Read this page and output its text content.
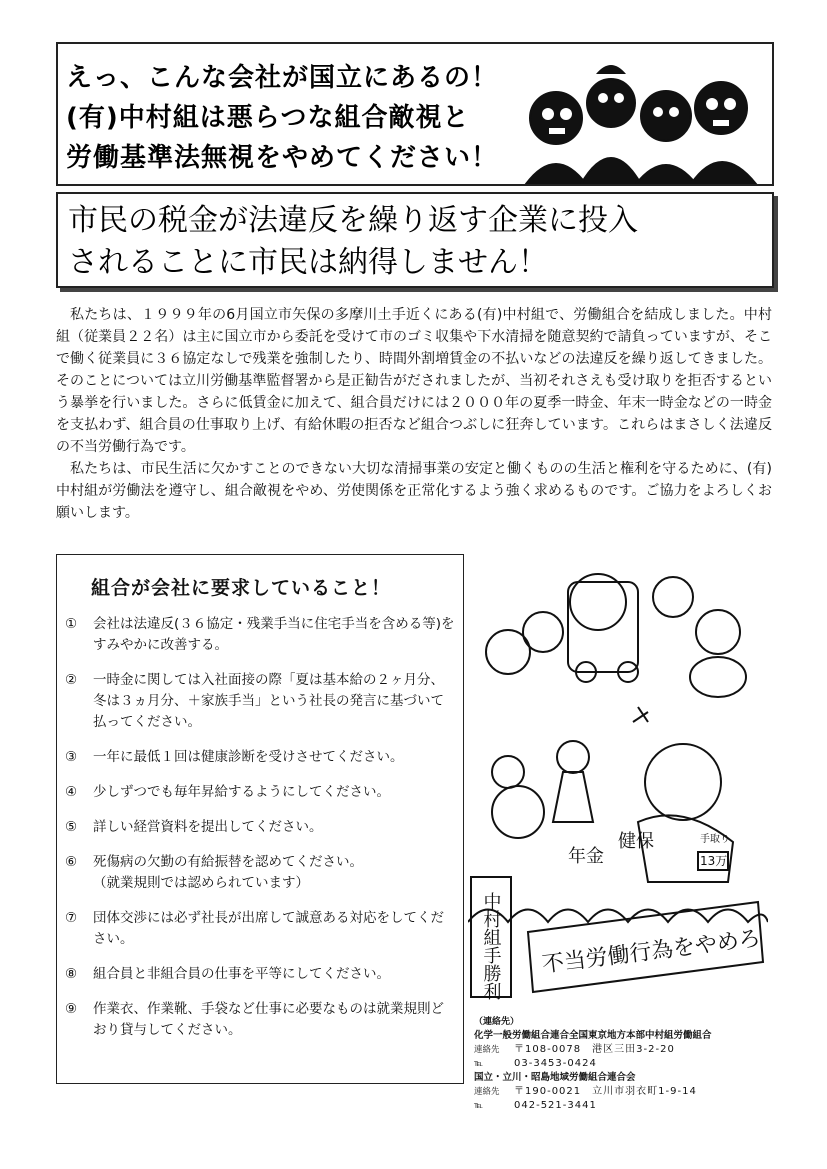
えっ、こんな会社が国立にあるの！
(有)中村組は悪らつな組合敵視と
労働基準法無視をやめてください！
市民の税金が法違反を繰り返す企業に投入
されることに市民は納得しません！

私たちは、１９９９年の6月国立市矢保の多摩川土手近くにある(有)中村組で、労働組合を結成しました。中村組（従業員２２名）は主に国立市から委託を受けて市のゴミ収集や下水清掃を随意契約で請負っていますが、そこで働く従業員に３６協定なしで残業を強制したり、時間外割増賃金の不払いなどの法違反を繰り返してきました。そのことについては立川労働基準監督署から是正勧告がだされましたが、当初それさえも受け取りを拒否するという暴挙を行いました。さらに低賃金に加えて、組合員だけには２０００年の夏季一時金、年末一時金などの一時金を支払わず、組合員の仕事取り上げ、有給休暇の拒否など組合つぶしに狂奔しています。これらはまさしく法違反の不当労働行為です。

私たちは、市民生活に欠かすことのできない大切な清掃事業の安定と働くものの生活と権利を守るために、(有)中村組が労働法を遵守し、組合敵視をやめ、労使関係を正常化するよう強く求めるものです。ご協力をよろしくお願いします。

組合が会社に要求していること！
①	会社は法違反(３６協定・残業手当に住宅手当を含める等)をすみやかに改善する。
②	一時金に関しては入社面接の際「夏は基本給の２ヶ月分、冬は３ヵ月分、＋家族手当」という社長の発言に基づいて払ってください。
③	一年に最低１回は健康診断を受けさせてください。
④	少しずつでも毎年昇給するようにしてください。
⑤	詳しい経営資料を提出してください。
⑥	死傷病の欠勤の有給振替を認めてください。
（就業規則では認められています）
⑦	団体交渉には必ず社長が出席して誠意ある対応をしてください。
⑧	組合員と非組合員の仕事を平等にしてください。
⑨	作業衣、作業靴、手袋など仕事に必要なものは就業規則どおり貸与してください。
年金
健保	手取り
13万
中村組手勝利 不当労働行為をやめろ
（連絡先）
化学一般労働組合連合全国東京地方本部中村組労働組合
連絡先	〒108-0078　港区三田3-2-20
℡	03-3453-0424
国立・立川・昭島地域労働組合連合会
連絡先	〒190-0021　立川市羽衣町1-9-14
℡	042-521-3441
